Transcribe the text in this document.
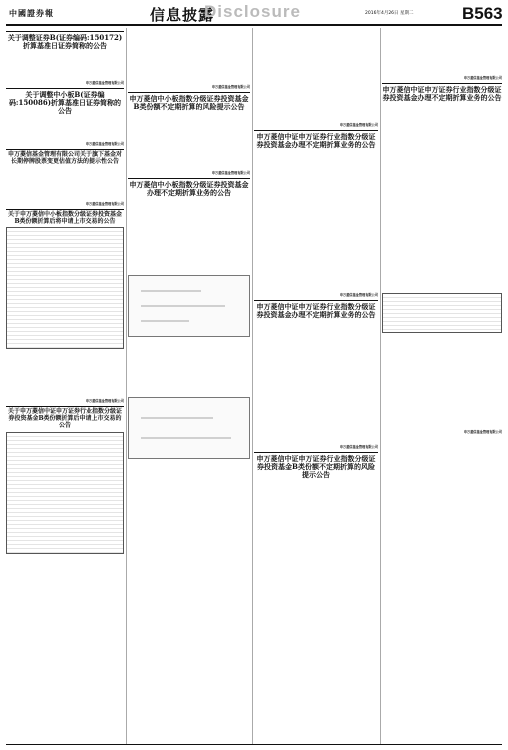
中國證券報	信息披露
Disclosure	2016年4月26日 星期二	B563
关于调整证券B(证券编码:150172)折算基准日证券简称的公告

申万菱信基金管理有限公司
关于调整中小板B(证券编码:150086)折算基准日证券简称的公告

申万菱信基金管理有限公司
申万菱信基金管理有限公司关于旗下基金对长期停牌股票变更估值方法的提示性公告

申万菱信基金管理有限公司
关于申万菱信中小板指数分级证券投资基金B类份额折算后将申请上市交易的公告

申万菱信基金管理有限公司
关于申万菱信中证申万证券行业指数分级证券投资基金B类份额折算后申请上市交易的公告

申万菱信基金管理有限公司
申万菱信中小板指数分级证券投资基金B类份额不定期折算的风险提示公告

申万菱信基金管理有限公司
申万菱信中小板指数分级证券投资基金办理不定期折算业务的公告

申万菱信基金管理有限公司
申万菱信中证申万证券行业指数分级证券投资基金办理不定期折算业务的公告

申万菱信基金管理有限公司
申万菱信中证申万证券行业指数分级证券投资基金办理不定期折算业务的公告

申万菱信基金管理有限公司
申万菱信中证申万证券行业指数分级证券投资基金B类份额不定期折算的风险提示公告

申万菱信基金管理有限公司
申万菱信中证申万证券行业指数分级证券投资基金办理不定期折算业务的公告

申万菱信基金管理有限公司
